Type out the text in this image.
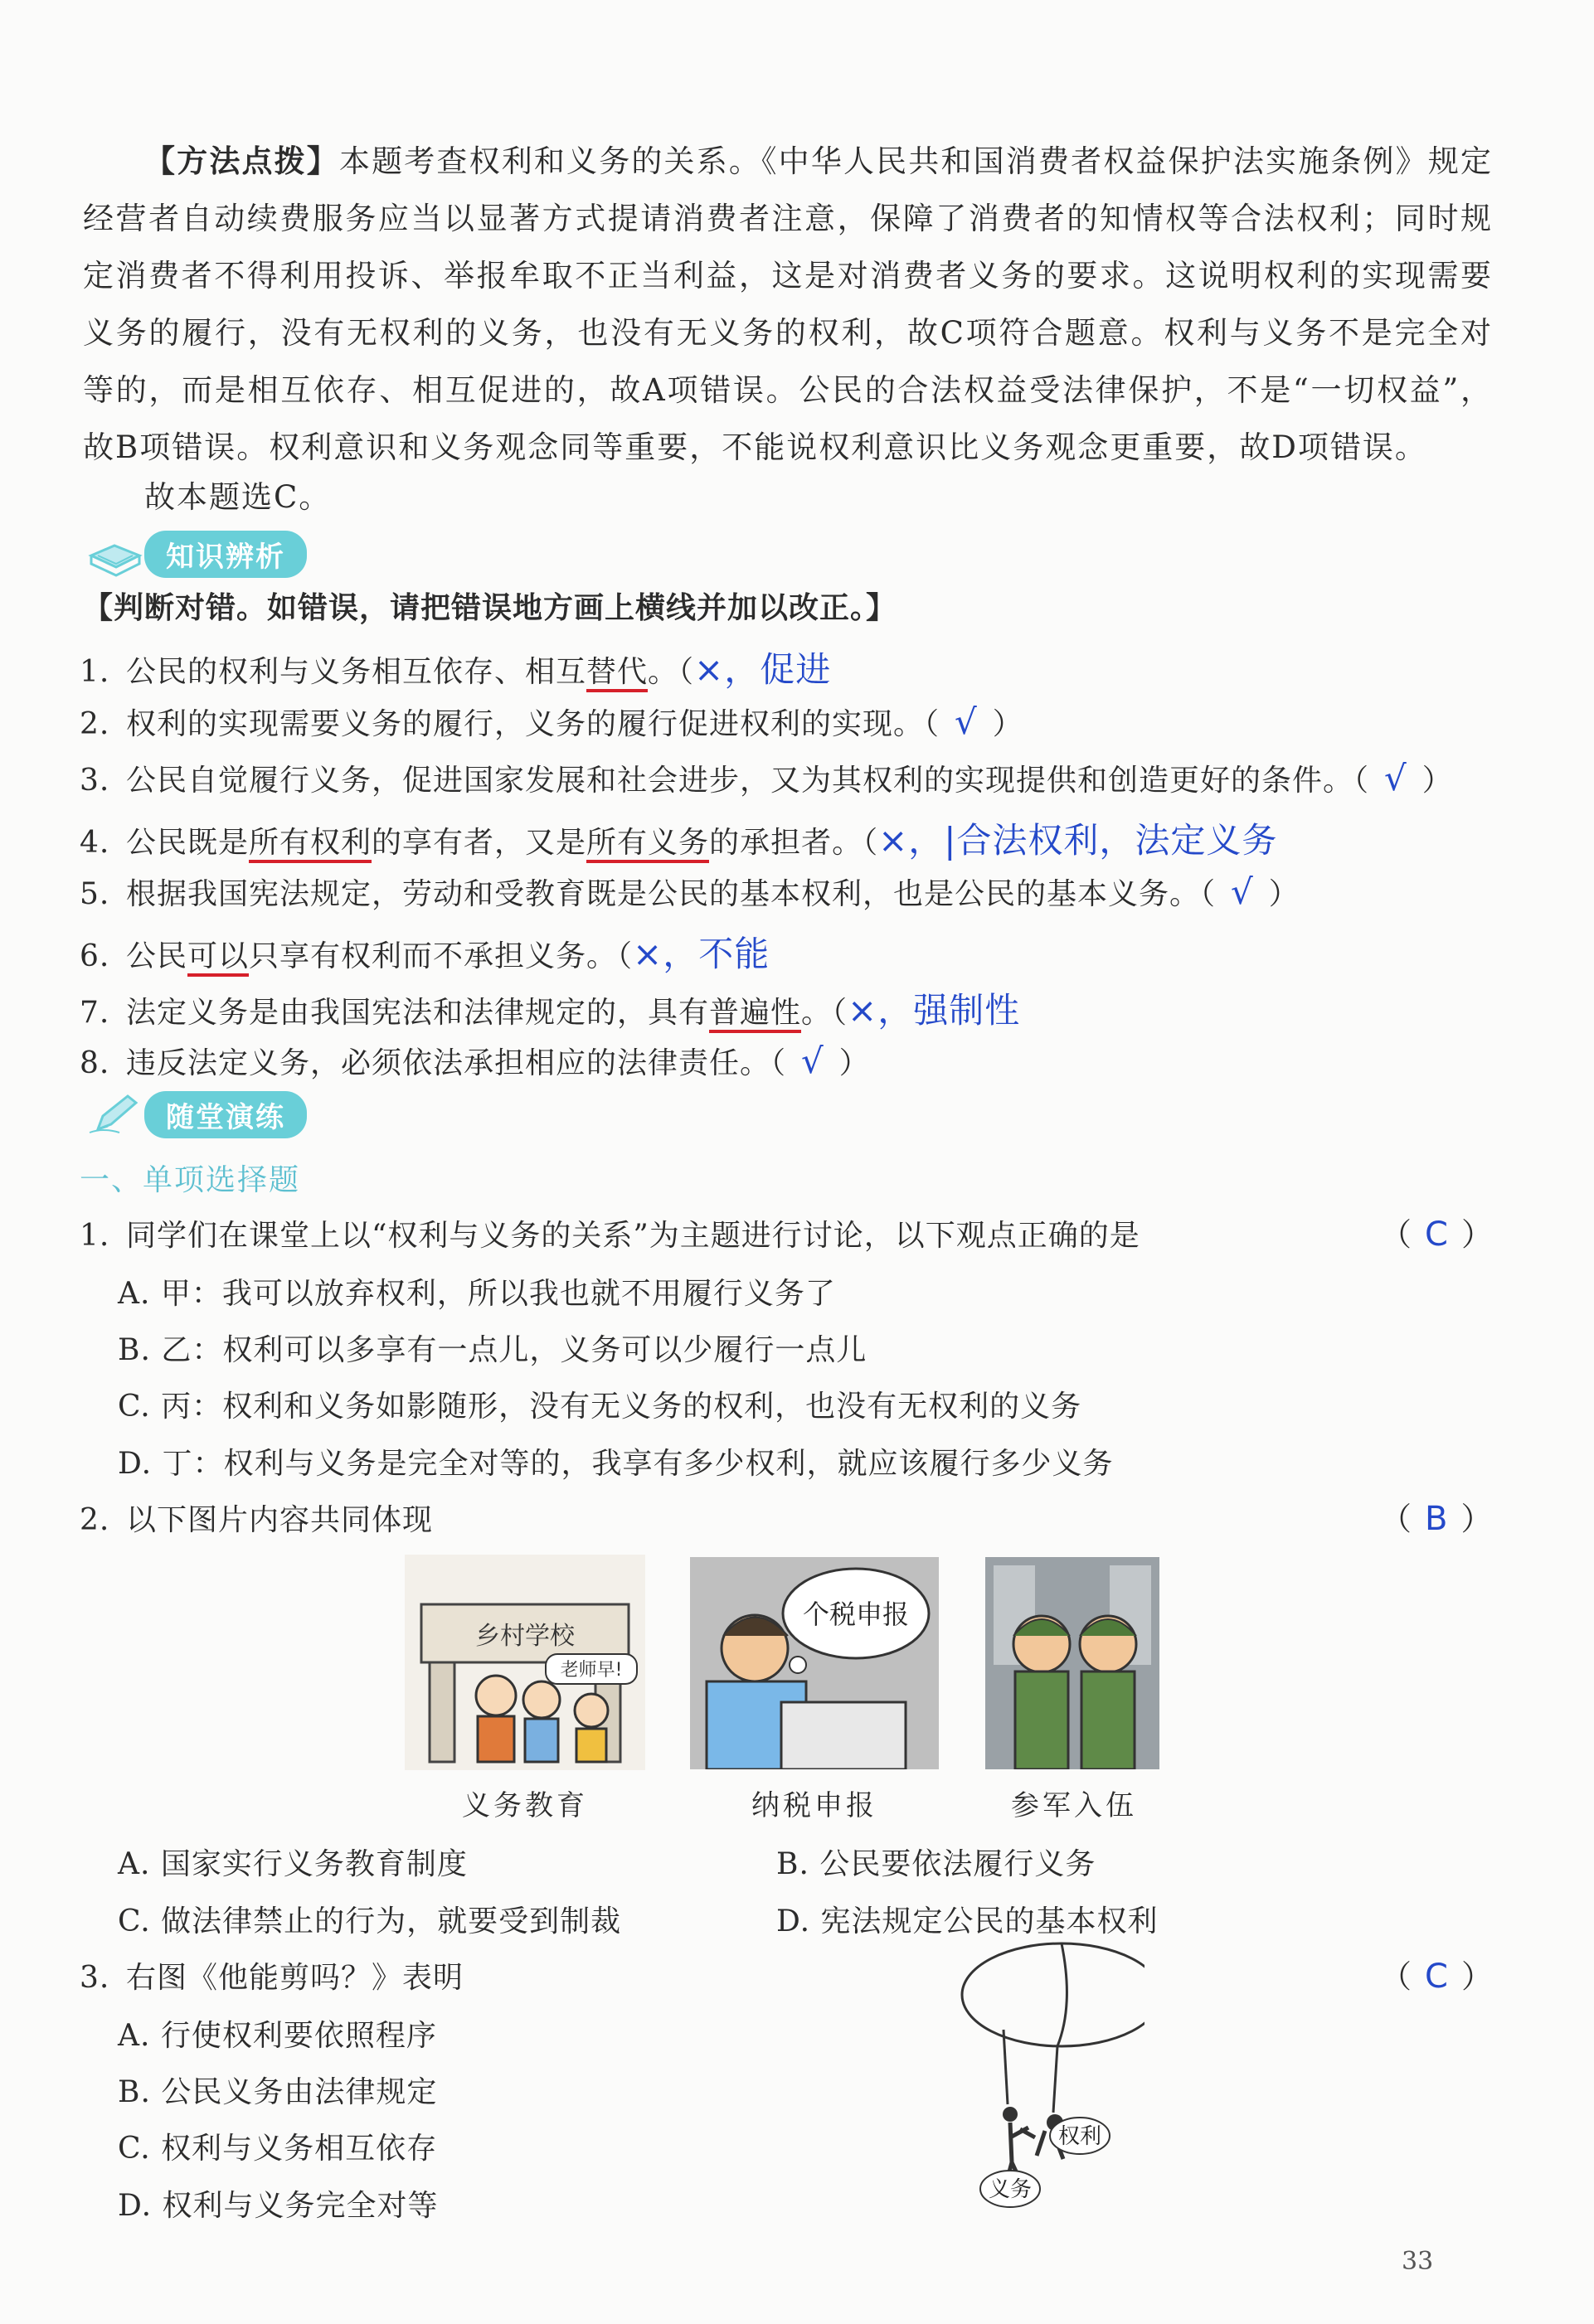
【方法点拨】本题考查权利和义务的关系。《中华人民共和国消费者权益保护法实施条例》规定经营者自动续费服务应当以显著方式提请消费者注意，保障了消费者的知情权等合法权利；同时规定消费者不得利用投诉、举报牟取不正当利益，这是对消费者义务的要求。这说明权利的实现需要义务的履行，没有无权利的义务，也没有无义务的权利，故C项符合题意。权利与义务不是完全对等的，而是相互依存、相互促进的，故A项错误。公民的合法权益受法律保护，不是“一切权益”，故B项错误。权利意识和义务观念同等重要，不能说权利意识比义务观念更重要，故D项错误。
故本题选C。
知识辨析
【判断对错。如错误，请把错误地方画上横线并加以改正。】
1. 公民的权利与义务相互依存、相互替代。（×，促进
2. 权利的实现需要义务的履行，义务的履行促进权利的实现。（ √ ）
3. 公民自觉履行义务，促进国家发展和社会进步，又为其权利的实现提供和创造更好的条件。（ √ ）
4. 公民既是所有权利的享有者，又是所有义务的承担者。（×，|合法权利，法定义务
5. 根据我国宪法规定，劳动和受教育既是公民的基本权利，也是公民的基本义务。（ √ ）
6. 公民可以只享有权利而不承担义务。（×，不能
7. 法定义务是由我国宪法和法律规定的，具有普遍性。（×，强制性
8. 违反法定义务，必须依法承担相应的法律责任。（ √ ）
随堂演练
一、单项选择题
1. 同学们在课堂上以“权利与义务的关系”为主题进行讨论，以下观点正确的是	（ C ）
A. 甲：我可以放弃权利，所以我也就不用履行义务了
B. 乙：权利可以多享有一点儿，义务可以少履行一点儿
C. 丙：权利和义务如影随形，没有无义务的权利，也没有无权利的义务
D. 丁：权利与义务是完全对等的，我享有多少权利，就应该履行多少义务
2. 以下图片内容共同体现	（ B ）
乡村学校
老师早!
义务教育
个税申报
纳税申报	参军入伍
A. 国家实行义务教育制度	B. 公民要依法履行义务
C. 做法律禁止的行为，就要受到制裁	D. 宪法规定公民的基本权利
3. 右图《他能剪吗？》表明	（ C ）
A. 行使权利要依照程序
B. 公民义务由法律规定
C. 权利与义务相互依存
D. 权利与义务完全对等
权利
义务
33
